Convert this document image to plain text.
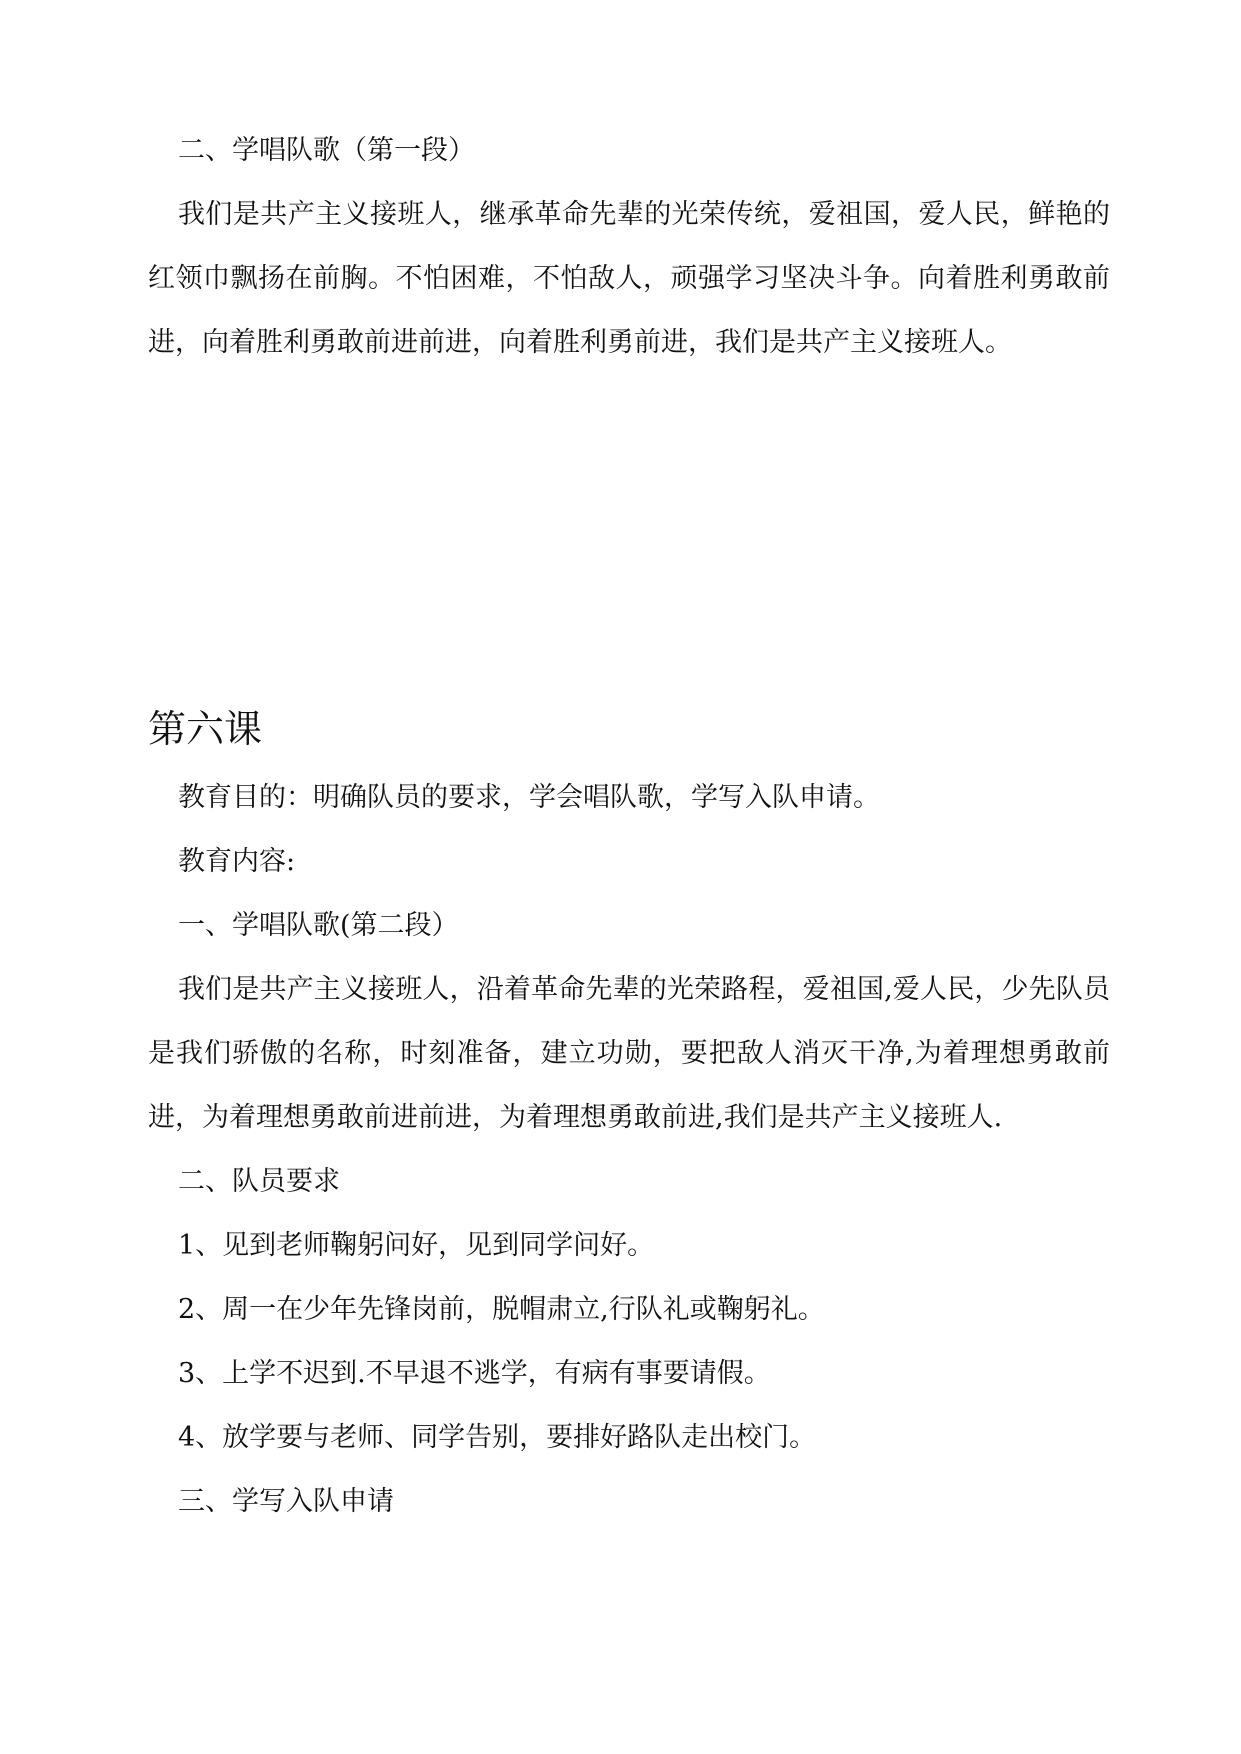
二、学唱队歌（第一段）

我们是共产主义接班人，继承革命先辈的光荣传统，爱祖国，爱人民，鲜艳的红领巾飘扬在前胸。不怕困难，不怕敌人，顽强学习坚决斗争。向着胜利勇敢前进，向着胜利勇敢前进前进，向着胜利勇前进，我们是共产主义接班人。

第六课
教育目的：明确队员的要求，学会唱队歌，学写入队申请。
教育内容:
一、学唱队歌(第二段）

我们是共产主义接班人，沿着革命先辈的光荣路程，爱祖国,爱人民，少先队员是我们骄傲的名称，时刻准备，建立功勋，要把敌人消灭干净,为着理想勇敢前进，为着理想勇敢前进前进，为着理想勇敢前进,我们是共产主义接班人.

二、队员要求
1、见到老师鞠躬问好，见到同学问好。
2、周一在少年先锋岗前，脱帽肃立,行队礼或鞠躬礼。
3、上学不迟到.不早退不逃学，有病有事要请假。
4、放学要与老师、同学告别，要排好路队走出校门。
三、学写入队申请
